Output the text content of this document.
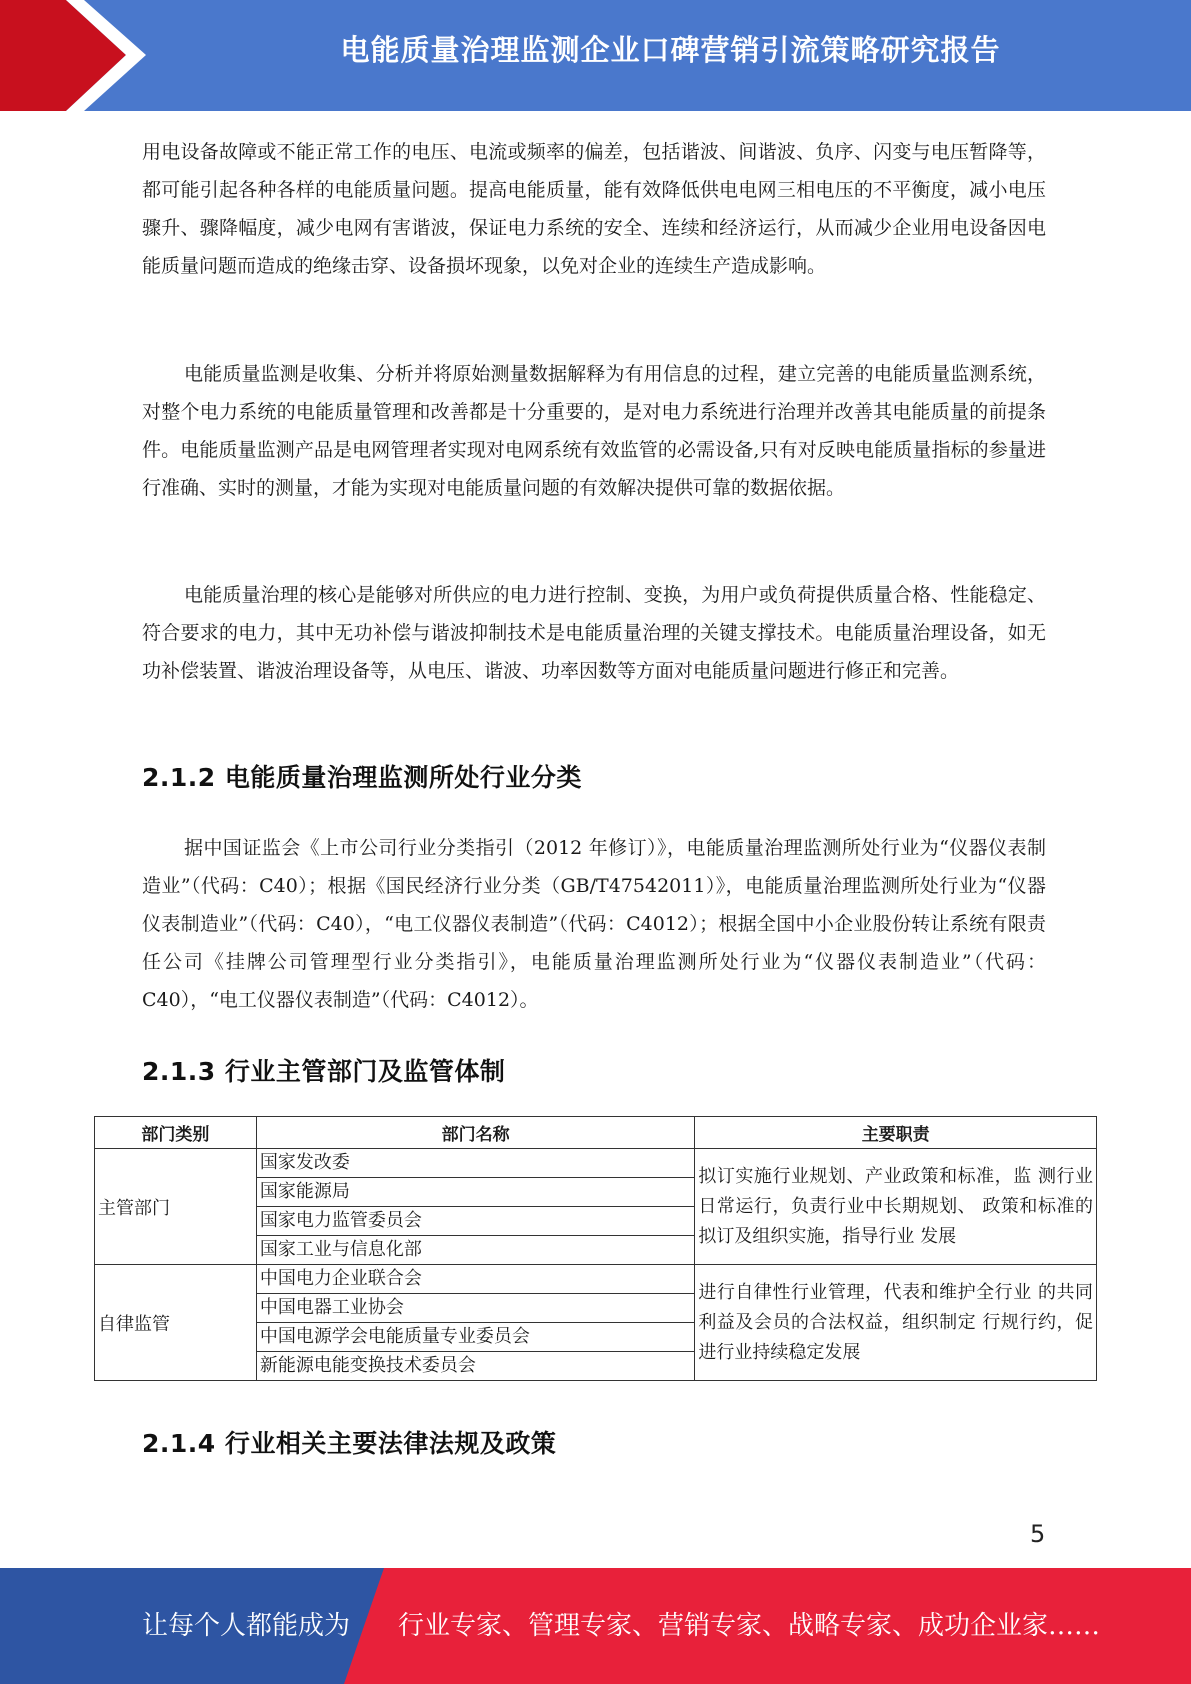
电能质量治理监测企业口碑营销引流策略研究报告

用电设备故障或不能正常工作的电压、电流或频率的偏差，包括谐波、间谐波、负序、闪变与电压暂降等，都可能引起各种各样的电能质量问题。提高电能质量，能有效降低供电电网三相电压的不平衡度，减小电压骤升、骤降幅度，减少电网有害谐波，保证电力系统的安全、连续和经济运行，从而减少企业用电设备因电能质量问题而造成的绝缘击穿、设备损坏现象，以免对企业的连续生产造成影响。

电能质量监测是收集、分析并将原始测量数据解释为有用信息的过程，建立完善的电能质量监测系统，对整个电力系统的电能质量管理和改善都是十分重要的，是对电力系统进行治理并改善其电能质量的前提条件。电能质量监测产品是电网管理者实现对电网系统有效监管的必需设备,只有对反映电能质量指标的参量进行准确、实时的测量，才能为实现对电能质量问题的有效解决提供可靠的数据依据。

电能质量治理的核心是能够对所供应的电力进行控制、变换，为用户或负荷提供质量合格、性能稳定、符合要求的电力，其中无功补偿与谐波抑制技术是电能质量治理的关键支撑技术。电能质量治理设备，如无功补偿装置、谐波治理设备等，从电压、谐波、功率因数等方面对电能质量问题进行修正和完善。

2.1.2 电能质量治理监测所处行业分类

据中国证监会《上市公司行业分类指引（2012 年修订）》，电能质量治理监测所处行业为“仪器仪表制造业”（代码：C40）；根据《国民经济行业分类（GB/T47542011）》，电能质量治理监测所处行业为“仪器仪表制造业”（代码：C40），“电工仪器仪表制造”（代码：C4012）；根据全国中小企业股份转让系统有限责任公司《挂牌公司管理型行业分类指引》，电能质量治理监测所处行业为“仪器仪表制造业”（代码：C40），“电工仪器仪表制造”（代码：C4012）。

2.1.3 行业主管部门及监管体制
部门类别	部门名称	主要职责
主管部门	国家发改委	拟订实施行业规划、产业政策和标准，监 测行业日常运行，负责行业中长期规划、 政策和标准的拟订及组织实施，指导行业 发展
	国家能源局	
	国家电力监管委员会	
	国家工业与信息化部	
自律监管	中国电力企业联合会	进行自律性行业管理，代表和维护全行业 的共同利益及会员的合法权益，组织制定 行规行约，促进行业持续稳定发展
	中国电器工业协会	
	中国电源学会电能质量专业委员会	
	新能源电能变换技术委员会	
2.1.4 行业相关主要法律法规及政策
5
让每个人都能成为 行业专家、管理专家、营销专家、战略专家、成功企业家……
